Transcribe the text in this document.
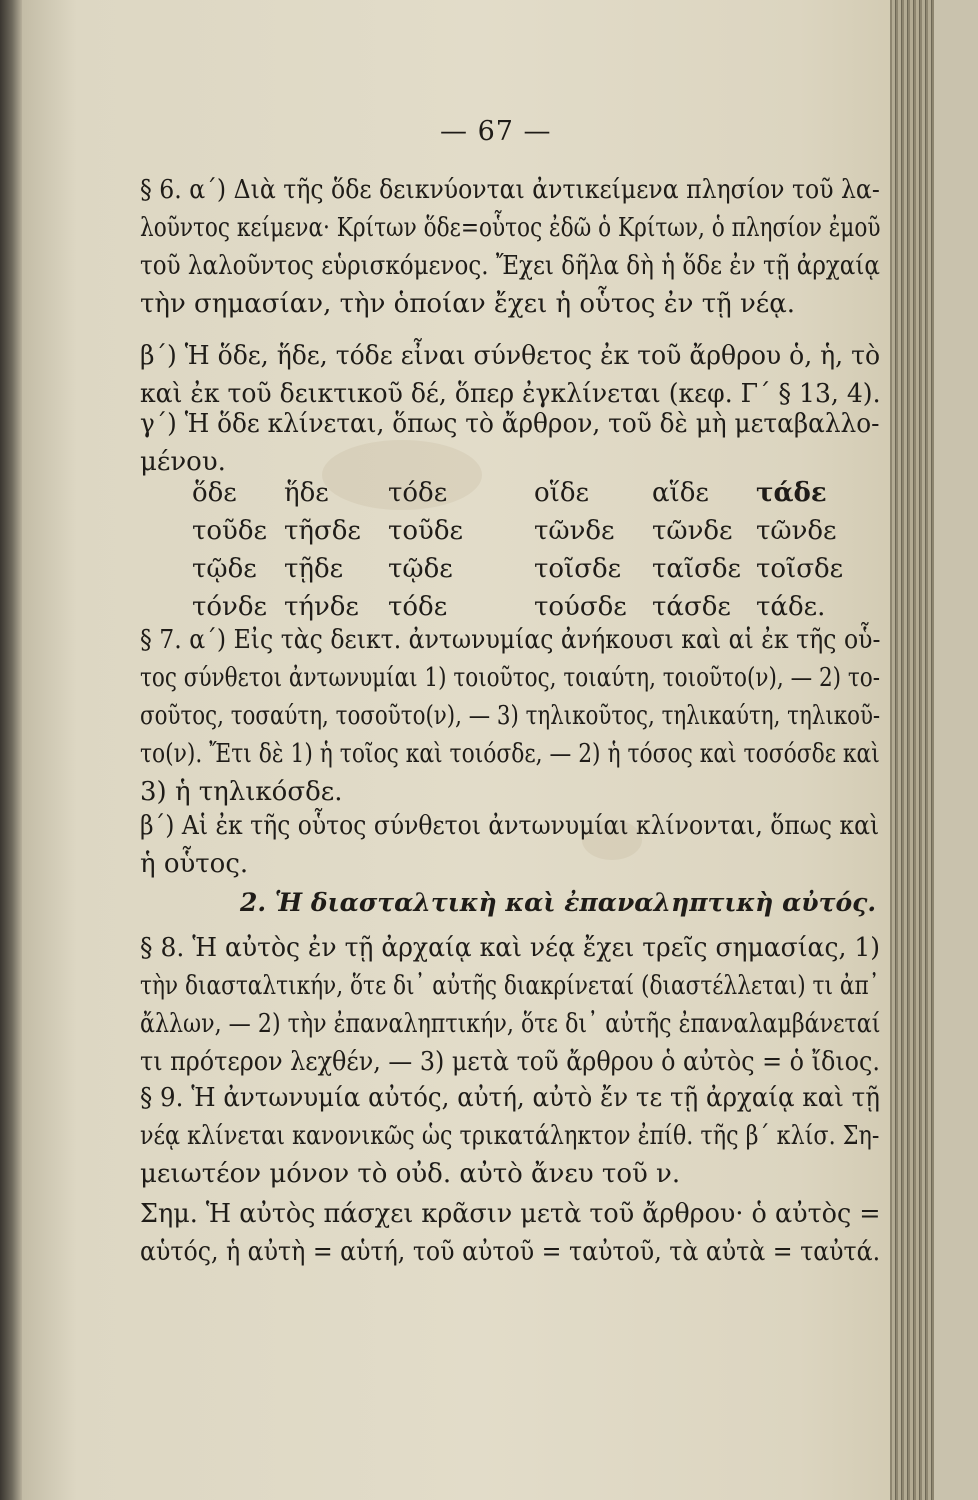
— 67 —
§ 6. α΄) Διὰ τῆς ὅδε δεικνύονται ἀντικείμενα πλησίον τοῦ λα-
λοῦντος κείμενα· Κρίτων ὅδε=οὗτος ἐδῶ ὁ Κρίτων, ὁ πλησίον ἐμοῦ
τοῦ λαλοῦντος εὑρισκόμενος. Ἔχει δῆλα δὴ ἡ ὅδε ἐν τῇ ἀρχαίᾳ
τὴν σημασίαν, τὴν ὁποίαν ἔχει ἡ οὗτος ἐν τῇ νέᾳ.
β΄) Ἡ ὅδε, ἥδε, τόδε εἶναι σύνθετος ἐκ τοῦ ἄρθρου ὁ, ἡ, τὸ
καὶ ἐκ τοῦ δεικτικοῦ δέ, ὅπερ ἐγκλίνεται (κεφ. Γ΄ § 13, 4).
γ΄) Ἡ ὅδε κλίνεται, ὅπως τὸ ἄρθρον, τοῦ δὲ μὴ μεταβαλλο-
μένου.
ὅδε ἥδε τόδε	οἵδε αἵδε τάδε
τοῦδε τῆσδε τοῦδε	τῶνδε τῶνδε τῶνδε
τῷδε τῇδε τῷδε	τοῖσδε ταῖσδε τοῖσδε
τόνδε τήνδε τόδε	τούσδε τάσδε τάδε.
§ 7. α΄) Εἰς τὰς δεικτ. ἀντωνυμίας ἀνήκουσι καὶ αἱ ἐκ τῆς οὗ-
τος σύνθετοι ἀντωνυμίαι 1) τοιοῦτος, τοιαύτη, τοιοῦτο(ν), — 2) το-
σοῦτος, τοσαύτη, τοσοῦτο(ν), — 3) τηλικοῦτος, τηλικαύτη, τηλικοῦ-
το(ν). Ἔτι δὲ 1) ἡ τοῖος καὶ τοιόσδε, — 2) ἡ τόσος καὶ τοσόσδε καὶ
3) ἡ τηλικόσδε.
β΄) Αἱ ἐκ τῆς οὗτος σύνθετοι ἀντωνυμίαι κλίνονται, ὅπως καὶ
ἡ οὗτος.
2. Ἡ διασταλτικὴ καὶ ἐπαναληπτικὴ αὐτός.
§ 8. Ἡ αὐτὸς ἐν τῇ ἀρχαίᾳ καὶ νέᾳ ἔχει τρεῖς σημασίας, 1)
τὴν διασταλτικήν, ὅτε δι᾽ αὐτῆς διακρίνεταί (διαστέλλεται) τι ἀπ᾽
ἄλλων, — 2) τὴν ἐπαναληπτικήν, ὅτε δι᾽ αὐτῆς ἐπαναλαμβάνεταί
τι πρότερον λεχθέν, — 3) μετὰ τοῦ ἄρθρου ὁ αὐτὸς = ὁ ἴδιος.
§ 9. Ἡ ἀντωνυμία αὐτός, αὐτή, αὐτὸ ἔν τε τῇ ἀρχαίᾳ καὶ τῇ
νέᾳ κλίνεται κανονικῶς ὡς τρικατάληκτον ἐπίθ. τῆς β΄ κλίσ. Ση-
μειωτέον μόνον τὸ οὐδ. αὐτὸ ἄνευ τοῦ ν.
Σημ. Ἡ αὐτὸς πάσχει κρᾶσιν μετὰ τοῦ ἄρθρου· ὁ αὐτὸς =
αὑτός, ἡ αὐτὴ = αὑτή, τοῦ αὐτοῦ = ταὐτοῦ, τὰ αὐτὰ = ταὐτά.
